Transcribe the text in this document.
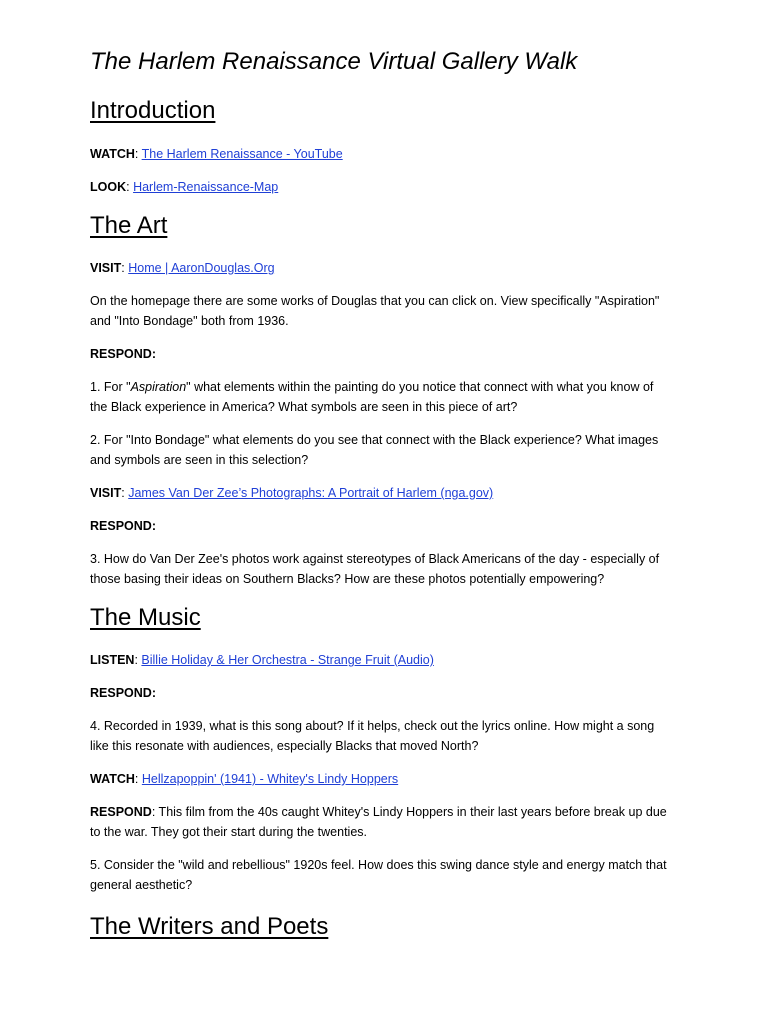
The Harlem Renaissance Virtual Gallery Walk
Introduction

WATCH: The Harlem Renaissance - YouTube

LOOK: Harlem-Renaissance-Map

The Art

VISIT: Home | AaronDouglas.Org

On the homepage there are some works of Douglas that you can click on. View specifically "Aspiration"

and "Into Bondage" both from 1936.

RESPOND:

1. For "Aspiration" what elements within the painting do you notice that connect with what you know of

the Black experience in America? What symbols are seen in this piece of art?

2. For "Into Bondage" what elements do you see that connect with the Black experience? What images

and symbols are seen in this selection?

VISIT: James Van Der Zee’s Photographs: A Portrait of Harlem (nga.gov)

RESPOND:

3. How do Van Der Zee's photos work against stereotypes of Black Americans of the day - especially of

those basing their ideas on Southern Blacks? How are these photos potentially empowering?

The Music

LISTEN: Billie Holiday & Her Orchestra - Strange Fruit (Audio)

RESPOND:

4. Recorded in 1939, what is this song about? If it helps, check out the lyrics online. How might a song

like this resonate with audiences, especially Blacks that moved North?

WATCH: Hellzapoppin' (1941) - Whitey's Lindy Hoppers

RESPOND: This film from the 40s caught Whitey's Lindy Hoppers in their last years before break up due

to the war. They got their start during the twenties.

5. Consider the "wild and rebellious" 1920s feel. How does this swing dance style and energy match that

general aesthetic?

The Writers and Poets
